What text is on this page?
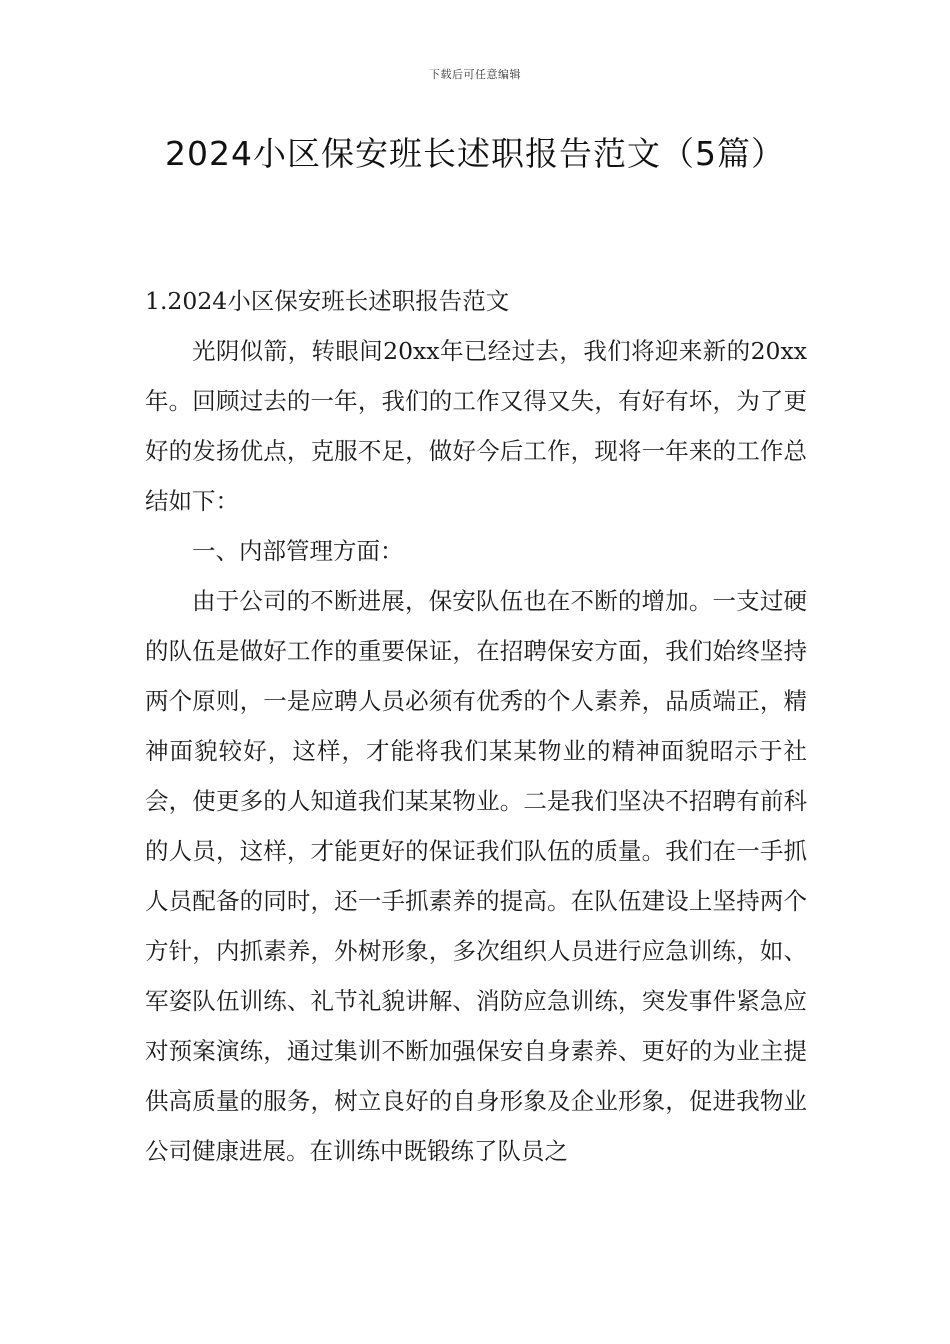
下载后可任意编辑
2024小区保安班长述职报告范文（5篇）

1.2024小区保安班长述职报告范文

光阴似箭，转眼间20xx年已经过去，我们将迎来新的20xx年。回顾过去的一年，我们的工作又得又失，有好有坏，为了更好的发扬优点，克服不足，做好今后工作，现将一年来的工作总结如下：

一、内部管理方面：

由于公司的不断进展，保安队伍也在不断的增加。一支过硬的队伍是做好工作的重要保证，在招聘保安方面，我们始终坚持两个原则，一是应聘人员必须有优秀的个人素养，品质端正，精神面貌较好，这样，才能将我们某某物业的精神面貌昭示于社会，使更多的人知道我们某某物业。二是我们坚决不招聘有前科的人员，这样，才能更好的保证我们队伍的质量。我们在一手抓人员配备的同时，还一手抓素养的提高。在队伍建设上坚持两个方针，内抓素养，外树形象，多次组织人员进行应急训练，如、军姿队伍训练、礼节礼貌讲解、消防应急训练，突发事件紧急应对预案演练，通过集训不断加强保安自身素养、更好的为业主提供高质量的服务，树立良好的自身形象及企业形象，促进我物业公司健康进展。在训练中既锻练了队员之
